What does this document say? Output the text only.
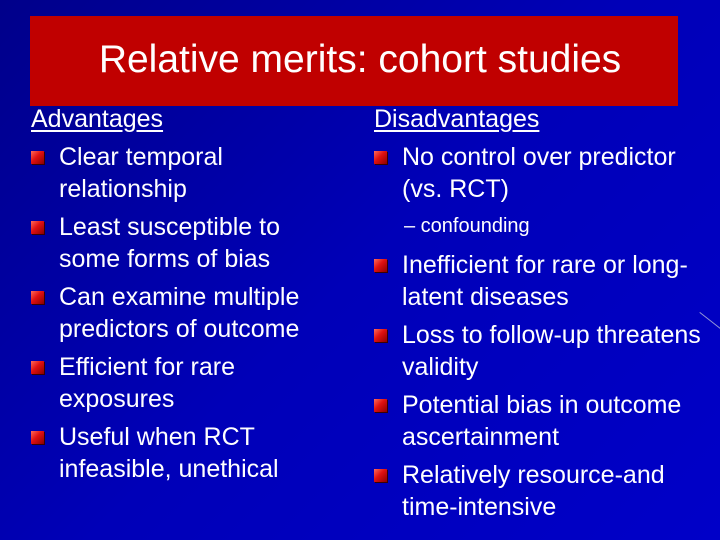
Relative merits: cohort studies
Advantages
Clear temporal relationship
Least susceptible to some forms of bias
Can examine multiple predictors of outcome
Efficient for rare exposures
Useful when RCT infeasible, unethical
Disadvantages
No control over predictor (vs. RCT)
– confounding
Inefficient for rare or long-latent diseases
Loss to follow-up threatens validity
Potential bias in outcome ascertainment
Relatively resource-and time-intensive
